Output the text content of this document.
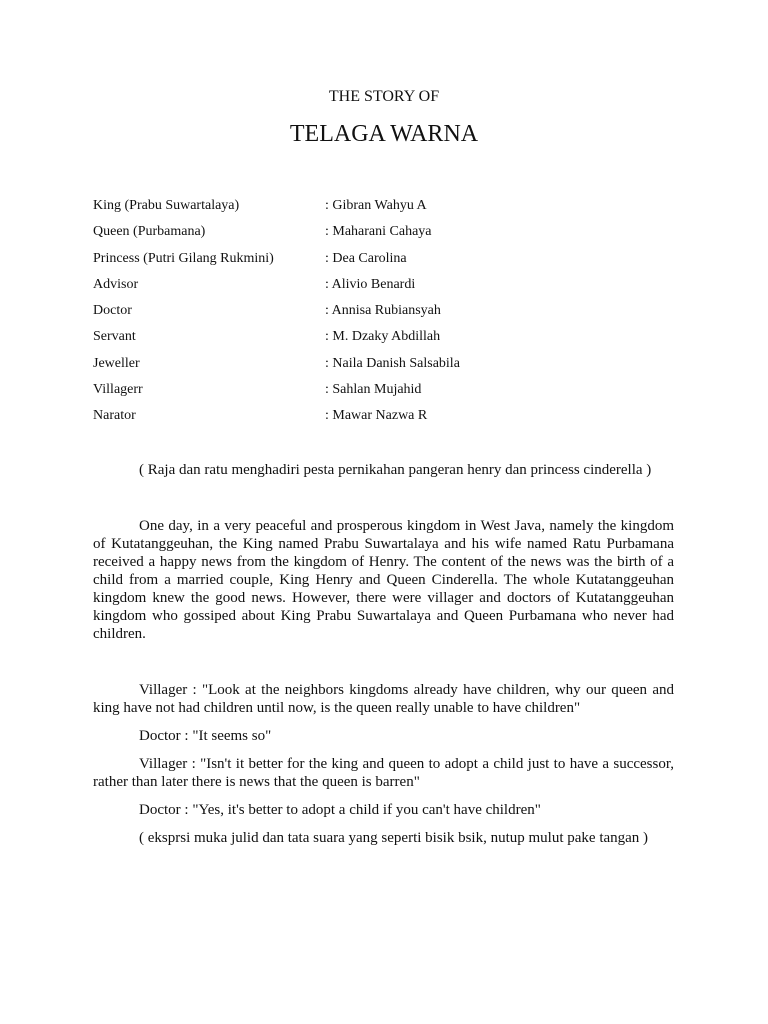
THE STORY OF
TELAGA WARNA
King (Prabu Suwartalaya)	: Gibran Wahyu A
Queen (Purbamana)	: Maharani Cahaya
Princess (Putri Gilang Rukmini)	: Dea Carolina
Advisor	: Alivio Benardi
Doctor	: Annisa Rubiansyah
Servant	: M. Dzaky Abdillah
Jeweller	: Naila Danish Salsabila
Villagerr	: Sahlan Mujahid
Narator	: Mawar Nazwa R
( Raja dan ratu menghadiri pesta pernikahan pangeran henry dan princess cinderella )
One day, in a very peaceful and prosperous kingdom in West Java, namely the kingdom of Kutatanggeuhan, the King named Prabu Suwartalaya and his wife named Ratu Purbamana received a happy news from the kingdom of Henry. The content of the news was the birth of a child from a married couple, King Henry and Queen Cinderella. The whole Kutatanggeuhan kingdom knew the good news. However, there were villager and doctors of Kutatanggeuhan kingdom who gossiped about King Prabu Suwartalaya and Queen Purbamana who never had children.
Villager : "Look at the neighbors kingdoms already have children, why our queen and king have not had children until now, is the queen really unable to have children"
Doctor : "It seems so"
Villager : "Isn't it better for the king and queen to adopt a child just to have a successor, rather than later there is news that the queen is barren"
Doctor : "Yes, it's better to adopt a child if you can't have children"
( eksprsi muka julid dan tata suara yang seperti bisik bsik, nutup mulut pake tangan )
